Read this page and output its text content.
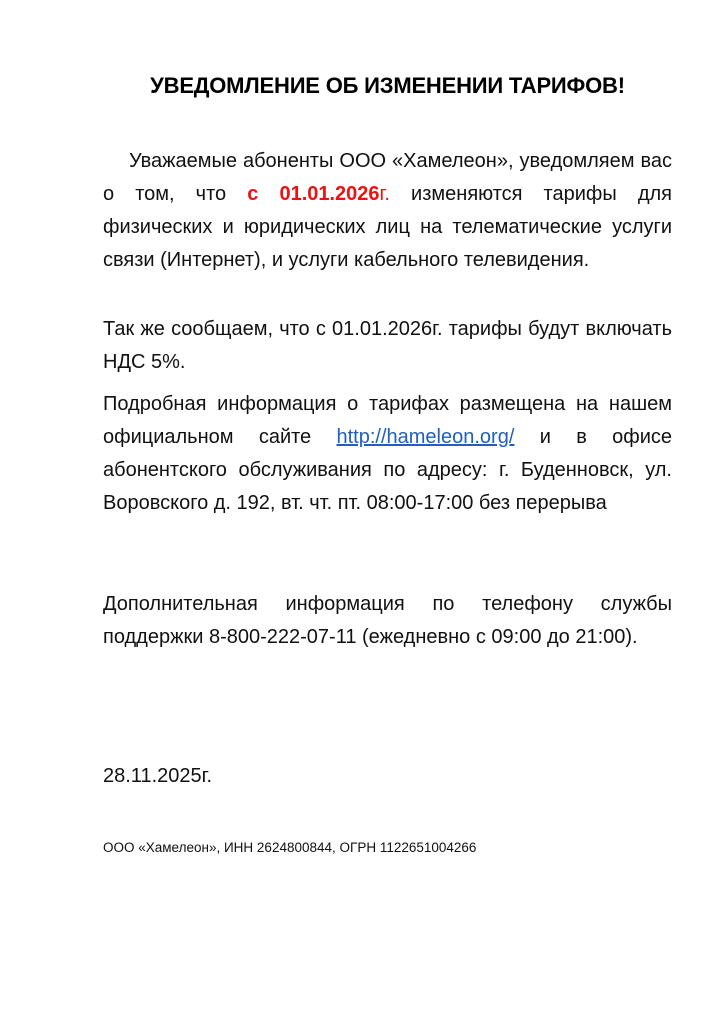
УВЕДОМЛЕНИЕ ОБ ИЗМЕНЕНИИ ТАРИФОВ!
Уважаемые абоненты ООО «Хамелеон», уведомляем вас о том, что с 01.01.2026г. изменяются тарифы для физических и юридических лиц на телематические услуги связи (Интернет), и услуги кабельного телевидения.
Так же сообщаем, что с 01.01.2026г. тарифы будут включать НДС 5%.
Подробная информация о тарифах размещена на нашем официальном сайте http://hameleon.org/ и в офисе абонентского обслуживания по адресу: г. Буденновск, ул. Воровского д. 192, вт. чт. пт. 08:00-17:00 без перерыва
Дополнительная информация по телефону службы поддержки 8-800-222-07-11 (ежедневно с 09:00 до 21:00).
28.11.2025г.
ООО «Хамелеон», ИНН 2624800844, ОГРН 1122651004266
